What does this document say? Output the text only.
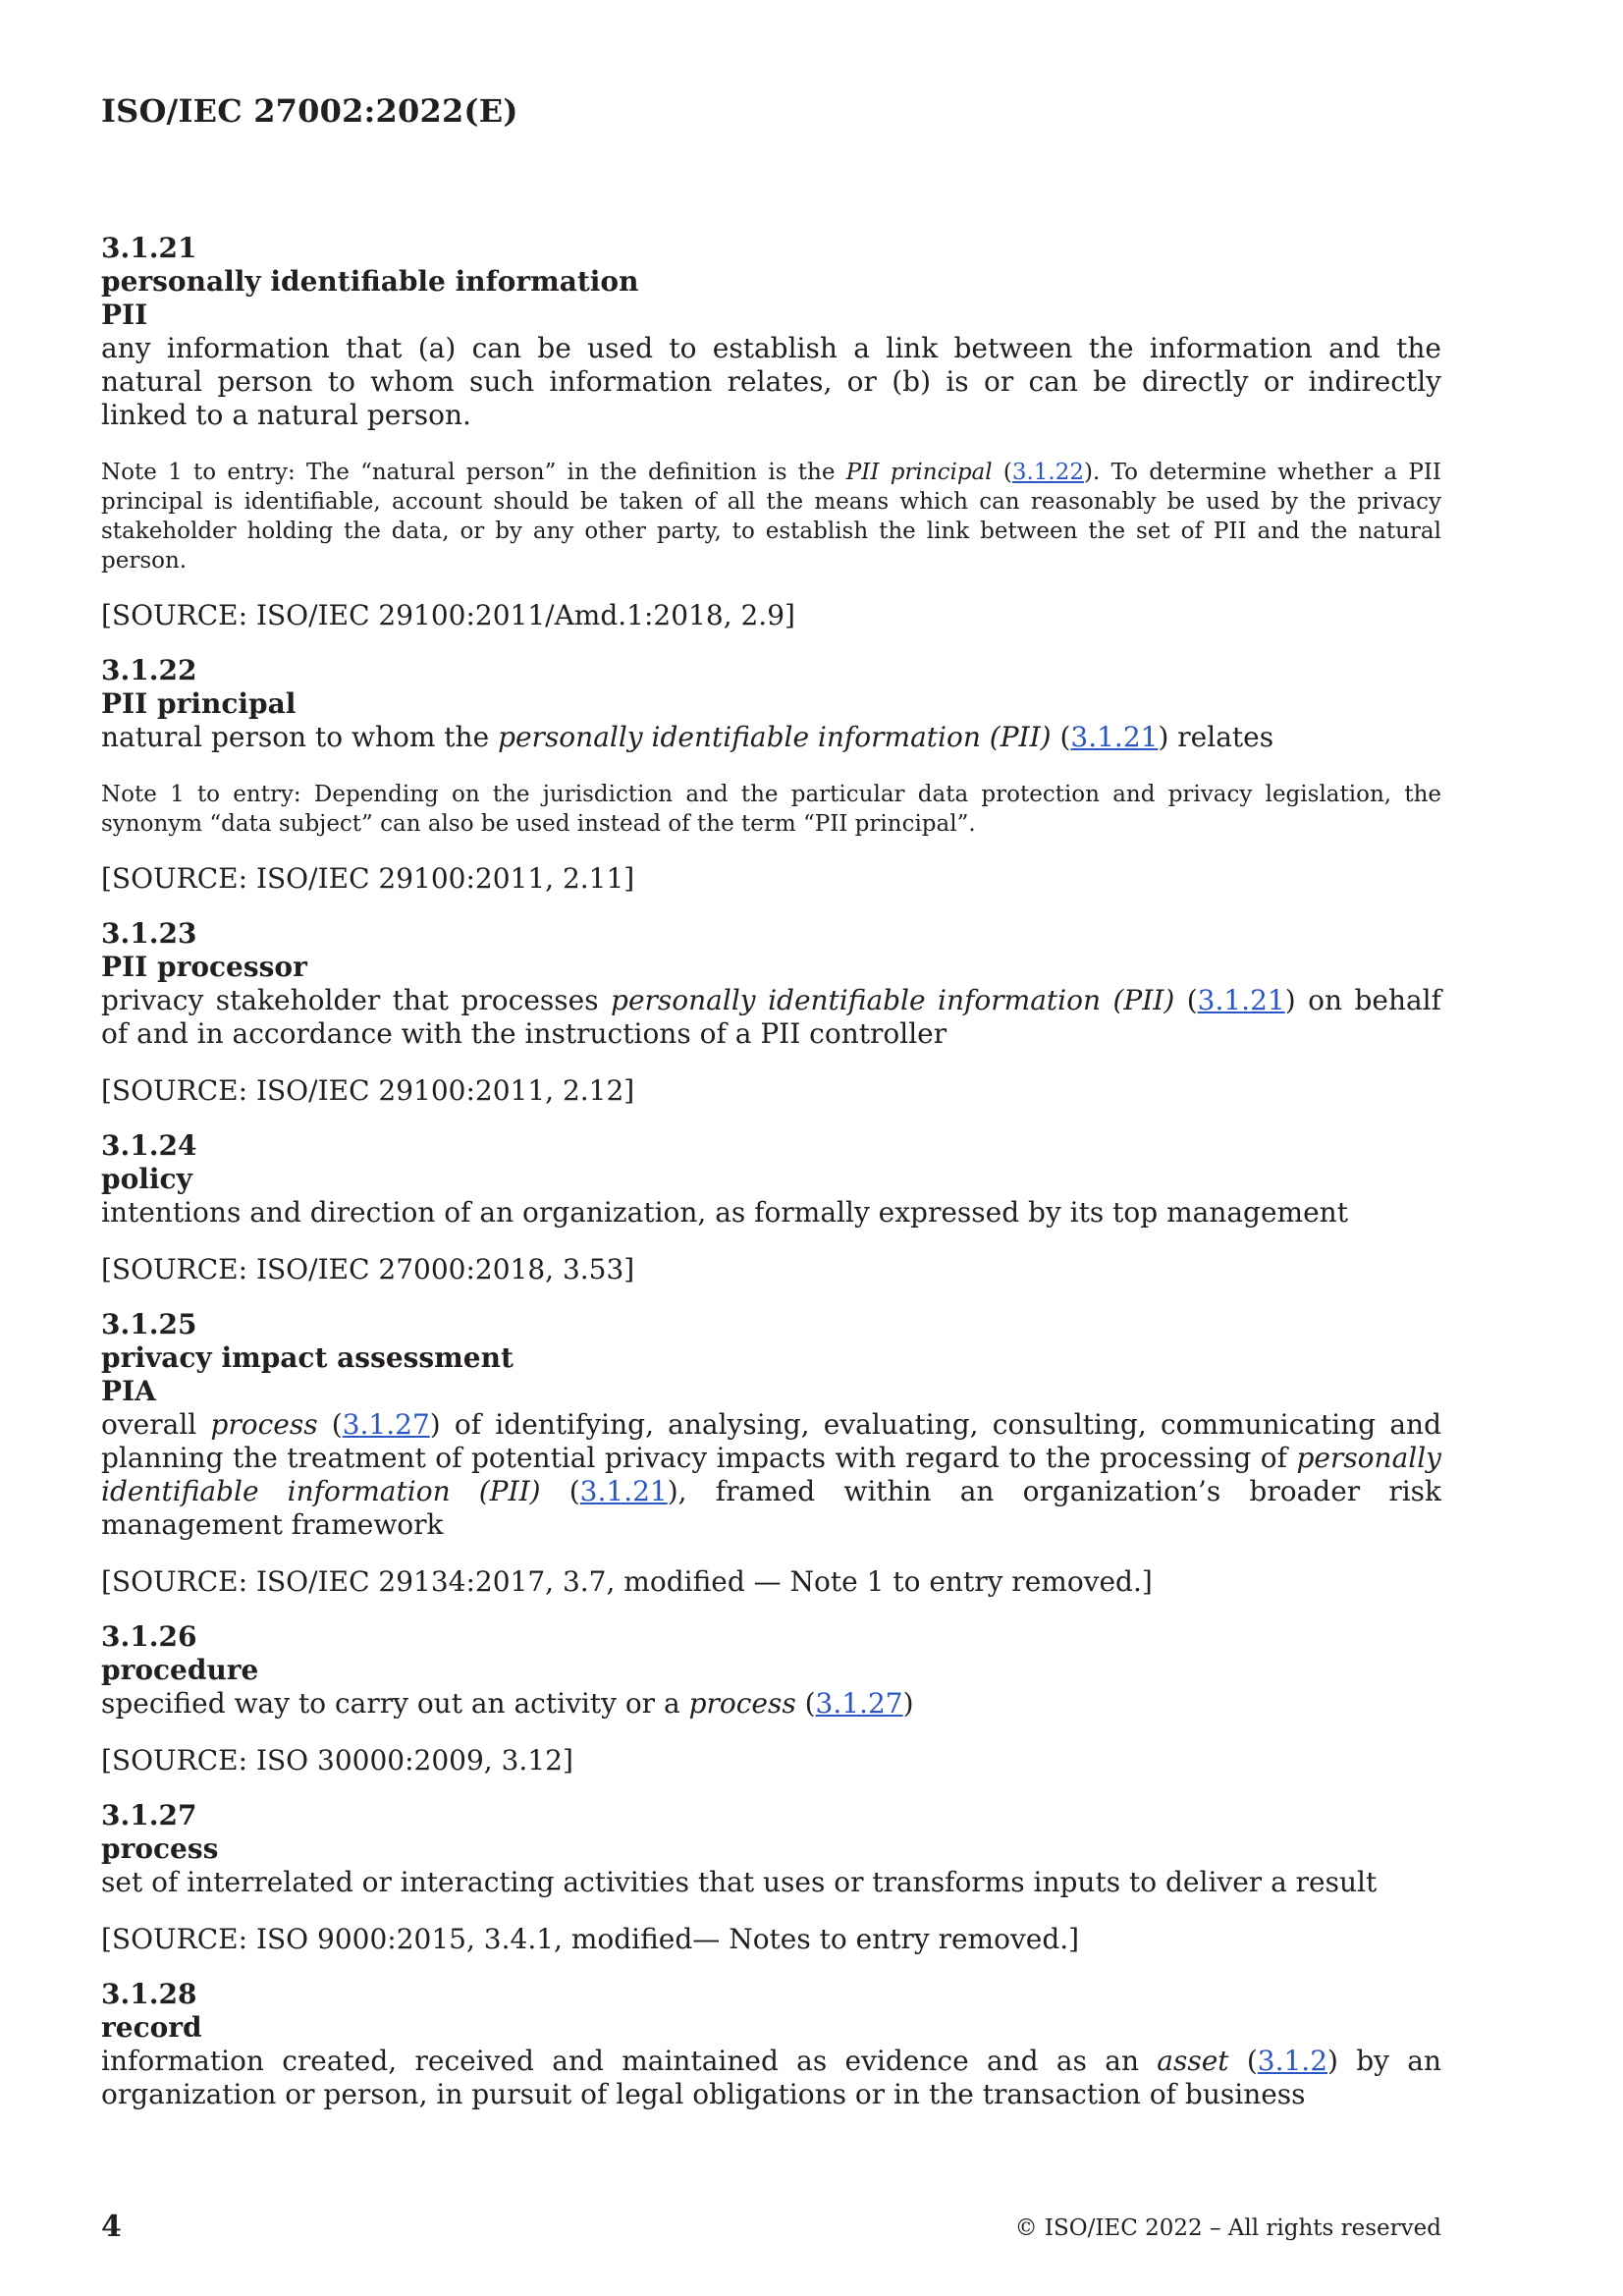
ISO/IEC 27002:2022(E)
3.1.21
personally identifiable information
PII
any information that (a) can be used to establish a link between the information and the natural person to whom such information relates, or (b) is or can be directly or indirectly linked to a natural person.
Note 1 to entry: The “natural person” in the definition is the PII principal (3.1.22). To determine whether a PII principal is identifiable, account should be taken of all the means which can reasonably be used by the privacy stakeholder holding the data, or by any other party, to establish the link between the set of PII and the natural person.
[SOURCE: ISO/IEC 29100:2011/Amd.1:2018, 2.9]
3.1.22
PII principal
natural person to whom the personally identifiable information (PII) (3.1.21) relates
Note 1 to entry: Depending on the jurisdiction and the particular data protection and privacy legislation, the synonym “data subject” can also be used instead of the term “PII principal”.
[SOURCE: ISO/IEC 29100:2011, 2.11]
3.1.23
PII processor
privacy stakeholder that processes personally identifiable information (PII) (3.1.21) on behalf of and in accordance with the instructions of a PII controller
[SOURCE: ISO/IEC 29100:2011, 2.12]
3.1.24
policy
intentions and direction of an organization, as formally expressed by its top management
[SOURCE: ISO/IEC 27000:2018, 3.53]
3.1.25
privacy impact assessment
PIA
overall process (3.1.27) of identifying, analysing, evaluating, consulting, communicating and planning the treatment of potential privacy impacts with regard to the processing of personally identifiable information (PII) (3.1.21), framed within an organization’s broader risk management framework
[SOURCE: ISO/IEC 29134:2017, 3.7, modified — Note 1 to entry removed.]
3.1.26
procedure
specified way to carry out an activity or a process (3.1.27)
[SOURCE: ISO 30000:2009, 3.12]
3.1.27
process
set of interrelated or interacting activities that uses or transforms inputs to deliver a result
[SOURCE: ISO 9000:2015, 3.4.1, modified— Notes to entry removed.]
3.1.28
record
information created, received and maintained as evidence and as an asset (3.1.2) by an organization or person, in pursuit of legal obligations or in the transaction of business
4	© ISO/IEC 2022 – All rights reserved
